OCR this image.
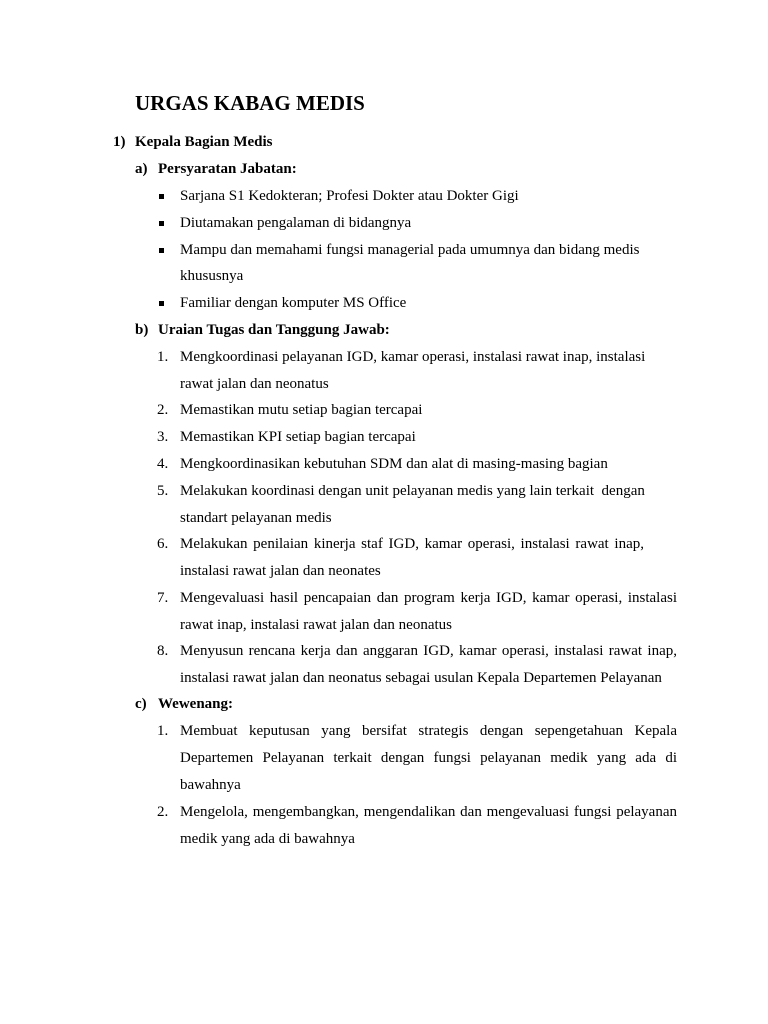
URGAS KABAG MEDIS
1) Kepala Bagian Medis
a) Persyaratan Jabatan:
Sarjana S1 Kedokteran; Profesi Dokter atau Dokter Gigi
Diutamakan pengalaman di bidangnya
Mampu dan memahami fungsi managerial pada umumnya dan bidang medis
khususnya
Familiar dengan komputer MS Office
b) Uraian Tugas dan Tanggung Jawab:
1. Mengkoordinasi pelayanan IGD, kamar operasi, instalasi rawat inap, instalasi
rawat jalan dan neonatus
2. Memastikan mutu setiap bagian tercapai
3. Memastikan KPI setiap bagian tercapai
4. Mengkoordinasikan kebutuhan SDM dan alat di masing-masing bagian
5. Melakukan koordinasi dengan unit pelayanan medis yang lain terkait  dengan
standart pelayanan medis
6. Melakukan penilaian kinerja staf IGD, kamar operasi, instalasi rawat inap,
instalasi rawat jalan dan neonates
7. Mengevaluasi hasil pencapaian dan program kerja IGD, kamar operasi, instalasi
rawat inap, instalasi rawat jalan dan neonatus
8. Menyusun rencana kerja dan anggaran IGD, kamar operasi, instalasi rawat inap,
instalasi rawat jalan dan neonatus sebagai usulan Kepala Departemen Pelayanan
c) Wewenang:
1. Membuat keputusan yang bersifat strategis dengan sepengetahuan Kepala
Departemen Pelayanan terkait dengan fungsi pelayanan medik yang ada di
bawahnya
2. Mengelola, mengembangkan, mengendalikan dan mengevaluasi fungsi pelayanan
medik yang ada di bawahnya
